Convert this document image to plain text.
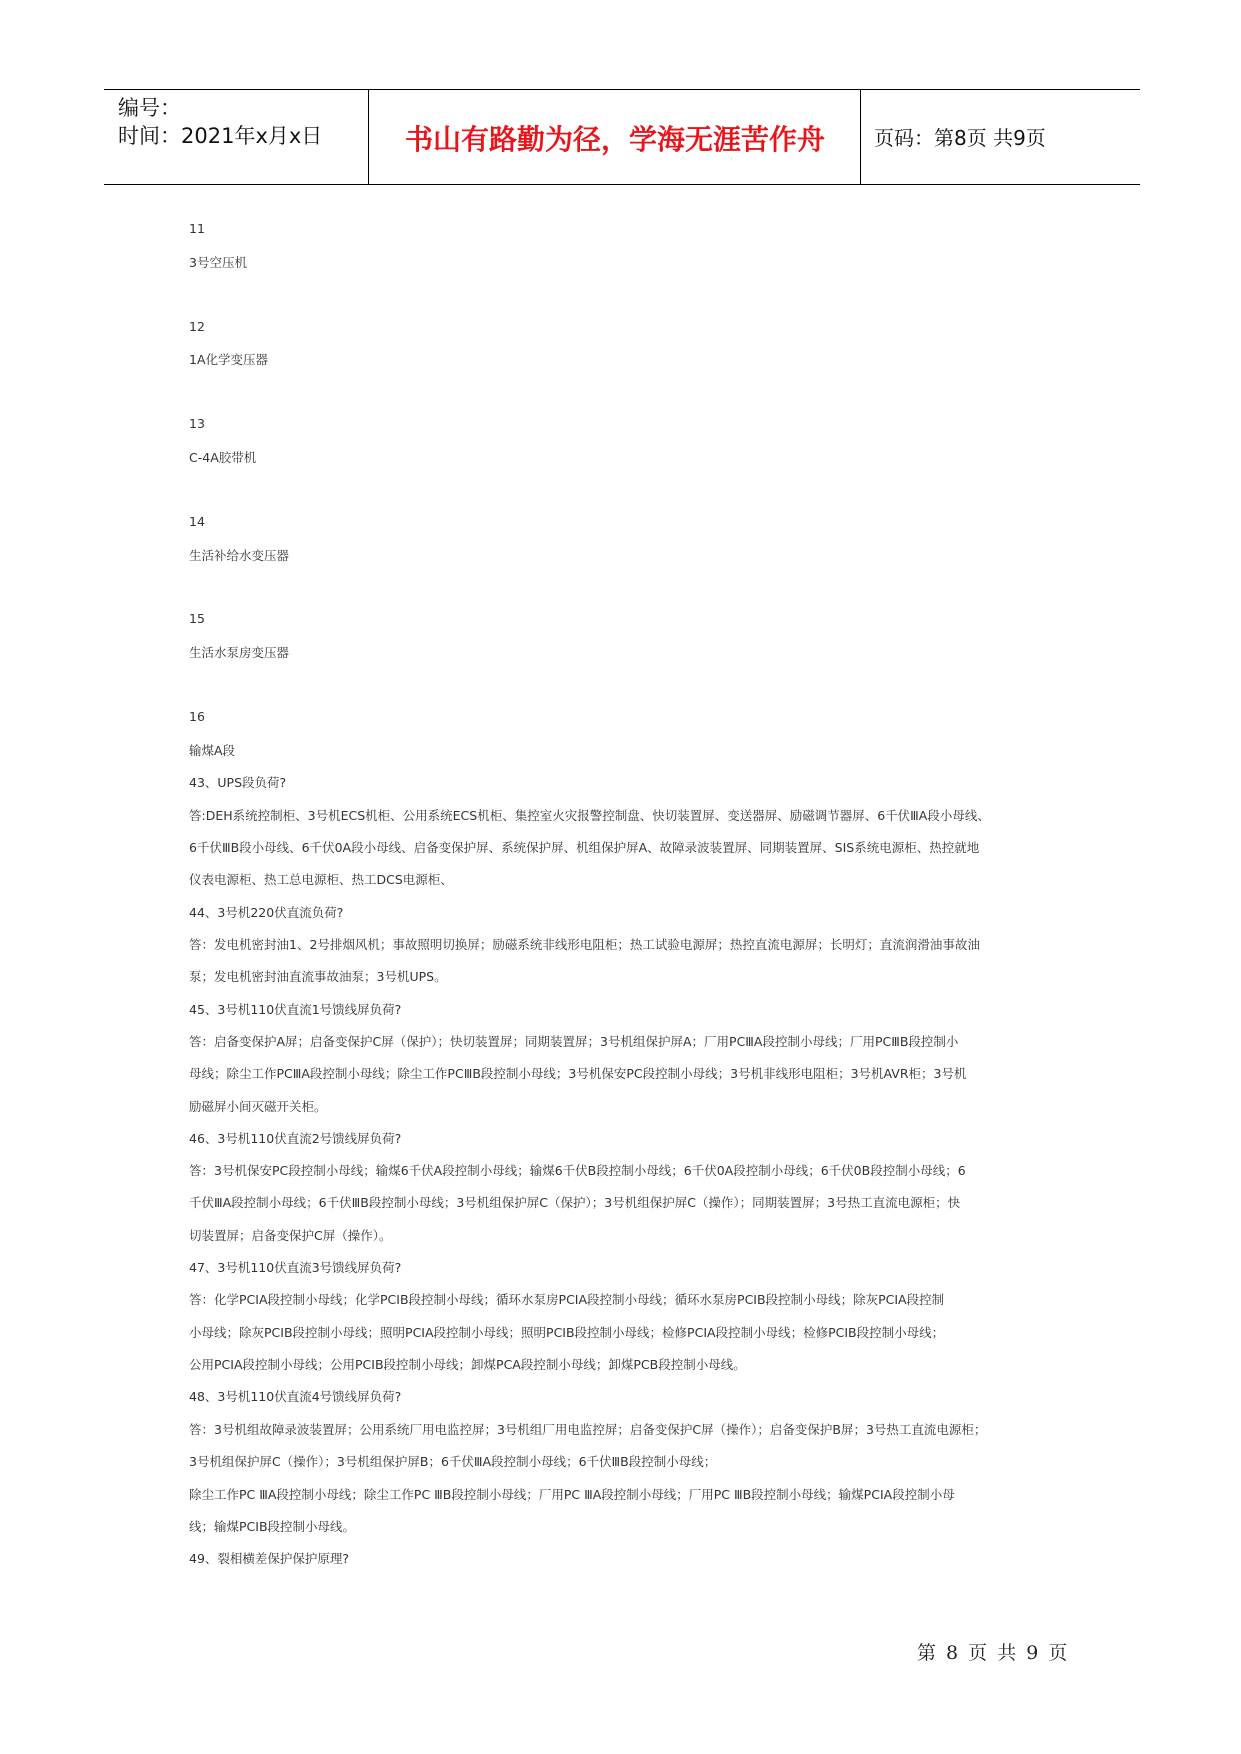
编号：
时间：2021年x月x日	书山有路勤为径，学海无涯苦作舟	页码：第8页 共9页
11
3号空压机
12
1A化学变压器
13
C-4A胶带机
14
生活补给水变压器
15
生活水泵房变压器
16
输煤A段
43、UPS段负荷?
答:DEH系统控制柜、3号机ECS机柜、公用系统ECS机柜、集控室火灾报警控制盘、快切装置屏、变送器屏、励磁调节器屏、6千伏ⅢA段小母线、
6千伏ⅢB段小母线、6千伏0A段小母线、启备变保护屏、系统保护屏、机组保护屏A、故障录波装置屏、同期装置屏、SIS系统电源柜、热控就地
仪表电源柜、热工总电源柜、热工DCS电源柜、
44、3号机220伏直流负荷?
答：发电机密封油1、2号排烟风机；事故照明切换屏；励磁系统非线形电阻柜；热工试验电源屏；热控直流电源屏；长明灯；直流润滑油事故油
泵；发电机密封油直流事故油泵；3号机UPS。
45、3号机110伏直流1号馈线屏负荷?
答：启备变保护A屏；启备变保护C屏（保护）；快切装置屏；同期装置屏；3号机组保护屏A；厂用PCⅢA段控制小母线；厂用PCⅢB段控制小
母线；除尘工作PCⅢA段控制小母线；除尘工作PCⅢB段控制小母线；3号机保安PC段控制小母线；3号机非线形电阻柜；3号机AVR柜；3号机
励磁屏小间灭磁开关柜。
46、3号机110伏直流2号馈线屏负荷?
答：3号机保安PC段控制小母线；输煤6千伏A段控制小母线；输煤6千伏B段控制小母线；6千伏0A段控制小母线；6千伏0B段控制小母线；6
千伏ⅢA段控制小母线；6千伏ⅢB段控制小母线；3号机组保护屏C（保护）；3号机组保护屏C（操作）；同期装置屏；3号热工直流电源柜；快
切装置屏；启备变保护C屏（操作）。
47、3号机110伏直流3号馈线屏负荷?
答：化学PCⅠA段控制小母线；化学PCⅠB段控制小母线；循环水泵房PCⅠA段控制小母线；循环水泵房PCⅠB段控制小母线；除灰PCⅠA段控制
小母线；除灰PCⅠB段控制小母线；照明PCⅠA段控制小母线；照明PCⅠB段控制小母线；检修PCⅠA段控制小母线；检修PCⅠB段控制小母线；
公用PCⅠA段控制小母线；公用PCⅠB段控制小母线；卸煤PCA段控制小母线；卸煤PCB段控制小母线。
48、3号机110伏直流4号馈线屏负荷?
答：3号机组故障录波装置屏；公用系统厂用电监控屏；3号机组厂用电监控屏；启备变保护C屏（操作）；启备变保护B屏；3号热工直流电源柜；
3号机组保护屏C（操作）；3号机组保护屏B；6千伏ⅢA段控制小母线；6千伏ⅢB段控制小母线；
除尘工作PC ⅢA段控制小母线；除尘工作PC ⅢB段控制小母线；厂用PC ⅢA段控制小母线；厂用PC ⅢB段控制小母线；输煤PCⅠA段控制小母
线；输煤PCⅠB段控制小母线。
49、裂相横差保护保护原理?
第 8 页 共 9 页
